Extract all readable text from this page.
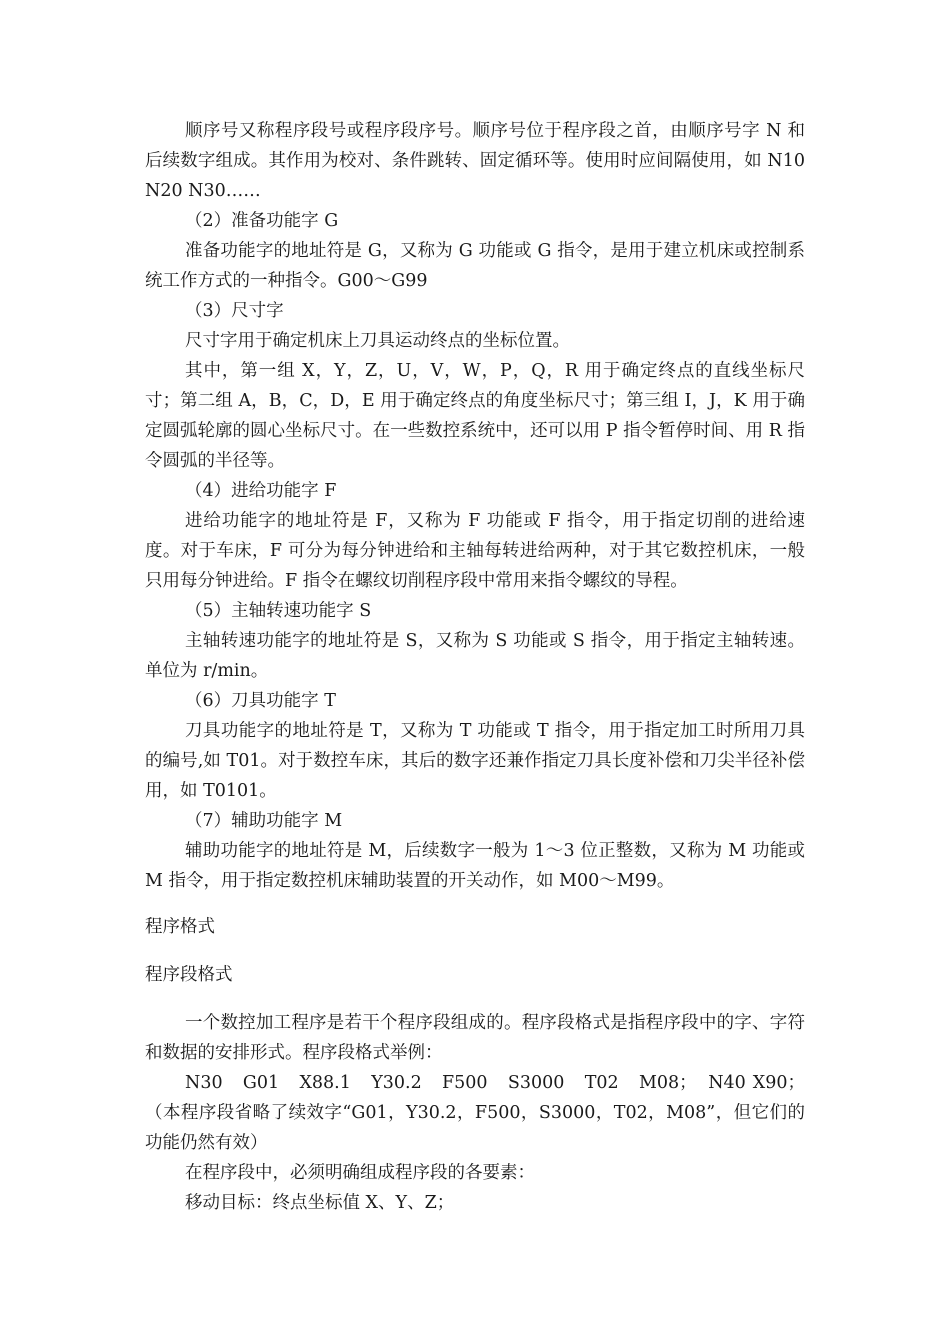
顺序号又称程序段号或程序段序号。顺序号位于程序段之首，由顺序号字 N 和后续数字组成。其作用为校对、条件跳转、固定循环等。使用时应间隔使用，如 N10 N20 N30……

（2）准备功能字 G

准备功能字的地址符是 G，又称为 G 功能或 G 指令，是用于建立机床或控制系统工作方式的一种指令。G00～G99

（3）尺寸字

尺寸字用于确定机床上刀具运动终点的坐标位置。

其中，第一组 X，Y，Z，U，V，W，P，Q，R 用于确定终点的直线坐标尺寸；第二组 A，B，C，D，E 用于确定终点的角度坐标尺寸；第三组 I，J，K 用于确定圆弧轮廓的圆心坐标尺寸。在一些数控系统中，还可以用 P 指令暂停时间、用 R 指令圆弧的半径等。

（4）进给功能字 F

进给功能字的地址符是 F，又称为 F 功能或 F 指令，用于指定切削的进给速度。对于车床，F 可分为每分钟进给和主轴每转进给两种，对于其它数控机床，一般只用每分钟进给。F 指令在螺纹切削程序段中常用来指令螺纹的导程。

（5）主轴转速功能字 S

主轴转速功能字的地址符是 S，又称为 S 功能或 S 指令，用于指定主轴转速。单位为 r/min。

（6）刀具功能字 T

刀具功能字的地址符是 T，又称为 T 功能或 T 指令，用于指定加工时所用刀具的编号,如 T01。对于数控车床，其后的数字还兼作指定刀具长度补偿和刀尖半径补偿用，如 T0101。

（7）辅助功能字 M

辅助功能字的地址符是 M，后续数字一般为 1～3 位正整数，又称为 M 功能或 M 指令，用于指定数控机床辅助装置的开关动作，如 M00～M99。

程序格式
程序段格式

一个数控加工程序是若干个程序段组成的。程序段格式是指程序段中的字、字符和数据的安排形式。程序段格式举例：

N30　G01　X88.1　Y30.2　F500　S3000　T02　M08；　N40 X90；（本程序段省略了续效字“G01，Y30.2，F500，S3000，T02，M08”，但它们的功能仍然有效）

在程序段中，必须明确组成程序段的各要素：

移动目标：终点坐标值 X、Y、Z；
